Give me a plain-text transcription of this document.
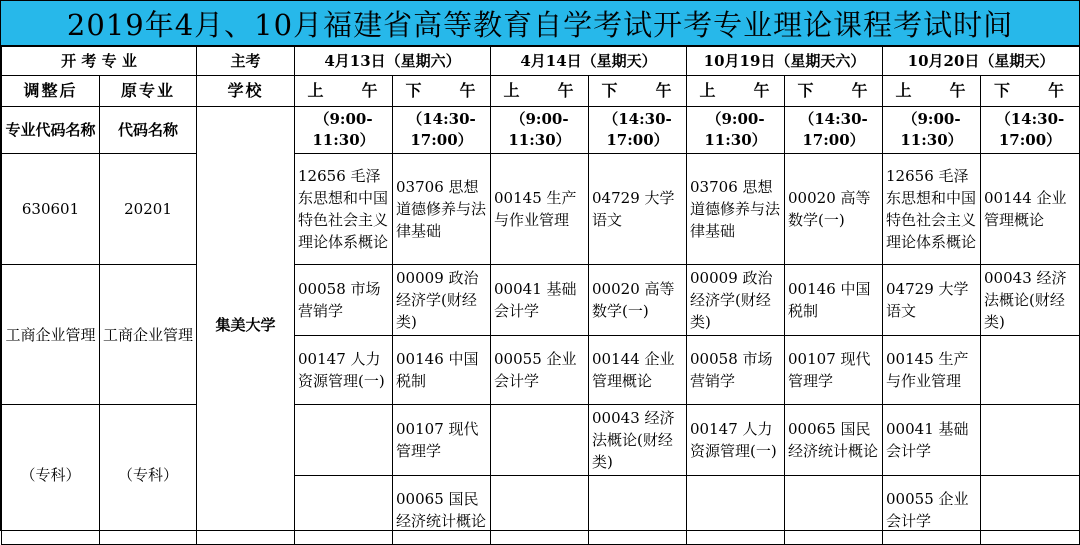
2019年4月、10月福建省高等教育自学考试开考专业理论课程考试时间
开 考 专 业		主考	4月13日（星期六）		4月14日（星期天）		10月19日（星期天六）		10月20日（星期天）	
调整后	原专业	学校	上　　午	下　　午	上　　午	下　　午	上　　午	下　　午	上　　午	下　　午
专业代码名称	代码名称	集美大学	（9:00-11:30）	（14:30-17:00）	（9:00-11:30）	（14:30-17:00）	（9:00-11:30）	（14:30-17:00）	（9:00-11:30）	（14:30-17:00）
630601	20201		12656 毛泽东思想和中国特色社会主义理论体系概论	03706 思想道德修养与法律基础	00145 生产与作业管理	04729 大学语文	03706 思想道德修养与法律基础	00020 高等数学(一)	12656 毛泽东思想和中国特色社会主义理论体系概论	00144 企业管理概论
工商企业管理	工商企业管理		00058 市场营销学	00009 政治经济学(财经类)	00041 基础会计学	00020 高等数学(一)	00009 政治经济学(财经类)	00146 中国税制	04729 大学语文	00043 经济法概论(财经类)
			00147 人力资源管理(一)	00146 中国税制	00055 企业会计学	00144 企业管理概论	00058 市场营销学	00107 现代管理学	00145 生产与作业管理	
（专科）	（专科）			00107 现代管理学		00043 经济法概论(财经类)	00147 人力资源管理(一)	00065 国民经济统计概论	00041 基础会计学	
				00065 国民经济统计概论					00055 企业会计学	
